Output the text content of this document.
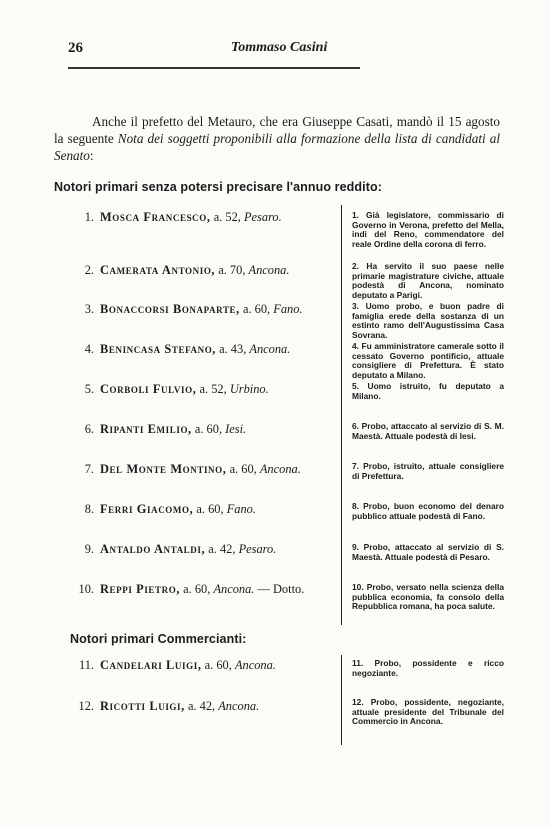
26	Tommaso Casini

Anche il prefetto del Metauro, che era Giuseppe Casati, mandò il 15 agosto la seguente Nota dei soggetti proponibili alla formazione della lista di candidati al Senato:

Notori primari senza potersi precisare l'annuo reddito:
1. Mosca Francesco, a. 52, Pesaro.	1. Già legislatore, commissario di Governo in Verona, prefetto del Mella, indi del Reno, commendatore del reale Ordine della corona di ferro.
2. Camerata Antonio, a. 70, Ancona.	2. Ha servito il suo paese nelle primarie magistrature civiche, attuale podestà di Ancona, nominato deputato a Parigi.
3. Bonaccorsi Bonaparte, a. 60, Fano.	3. Uomo probo, e buon padre di famiglia erede della sostanza di un estinto ramo dell'Augustissima Casa Sovrana.
4. Benincasa Stefano, a. 43, Ancona.	4. Fu amministratore camerale sotto il cessato Governo pontificio, attuale consigliere di Prefettura. È stato deputato a Milano.
5. Corboli Fulvio, a. 52, Urbino.	5. Uomo istruito, fu deputato a Milano.
6. Ripanti Emilio, a. 60, Iesi.	6. Probo, attaccato al servizio di S. M. Maestà. Attuale podestà di Iesi.
7. Del Monte Montino, a. 60, Ancona.	7. Probo, istruito, attuale consigliere di Prefettura.
8. Ferri Giacomo, a. 60, Fano.	8. Probo, buon economo del denaro pubblico attuale podestà di Fano.
9. Antaldo Antaldi, a. 42, Pesaro.	9. Probo, attaccato al servizio di S. Maestà. Attuale podestà di Pesaro.
10. Reppi Pietro, a. 60, Ancona. — Dotto.	10. Probo, versato nella scienza della pubblica economia, fa consolo della Repubblica romana, ha poca salute.
Notori primari Commercianti:
11. Candelari Luigi, a. 60, Ancona.	11. Probo, possidente e ricco negoziante.
12. Ricotti Luigi, a. 42, Ancona.	12. Probo, possidente, negoziante, attuale presidente del Tribunale del Commercio in Ancona.
